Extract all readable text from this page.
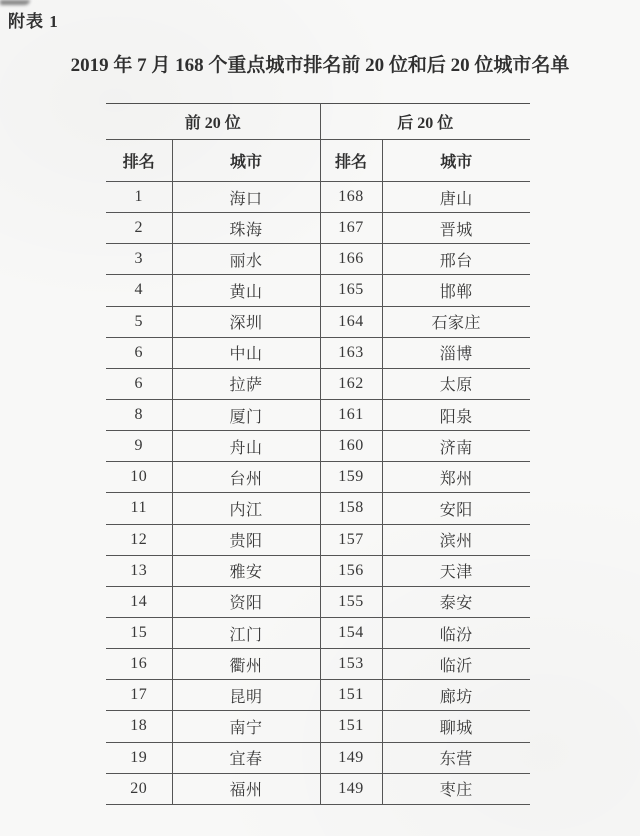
附表 1
2019 年 7 月 168 个重点城市排名前 20 位和后 20 位城市名单
前 20 位		后 20 位	
排名	城市	排名	城市
1	海口	168	唐山
2	珠海	167	晋城
3	丽水	166	邢台
4	黄山	165	邯郸
5	深圳	164	石家庄
6	中山	163	淄博
6	拉萨	162	太原
8	厦门	161	阳泉
9	舟山	160	济南
10	台州	159	郑州
11	内江	158	安阳
12	贵阳	157	滨州
13	雅安	156	天津
14	资阳	155	泰安
15	江门	154	临汾
16	衢州	153	临沂
17	昆明	151	廊坊
18	南宁	151	聊城
19	宜春	149	东营
20	福州	149	枣庄
